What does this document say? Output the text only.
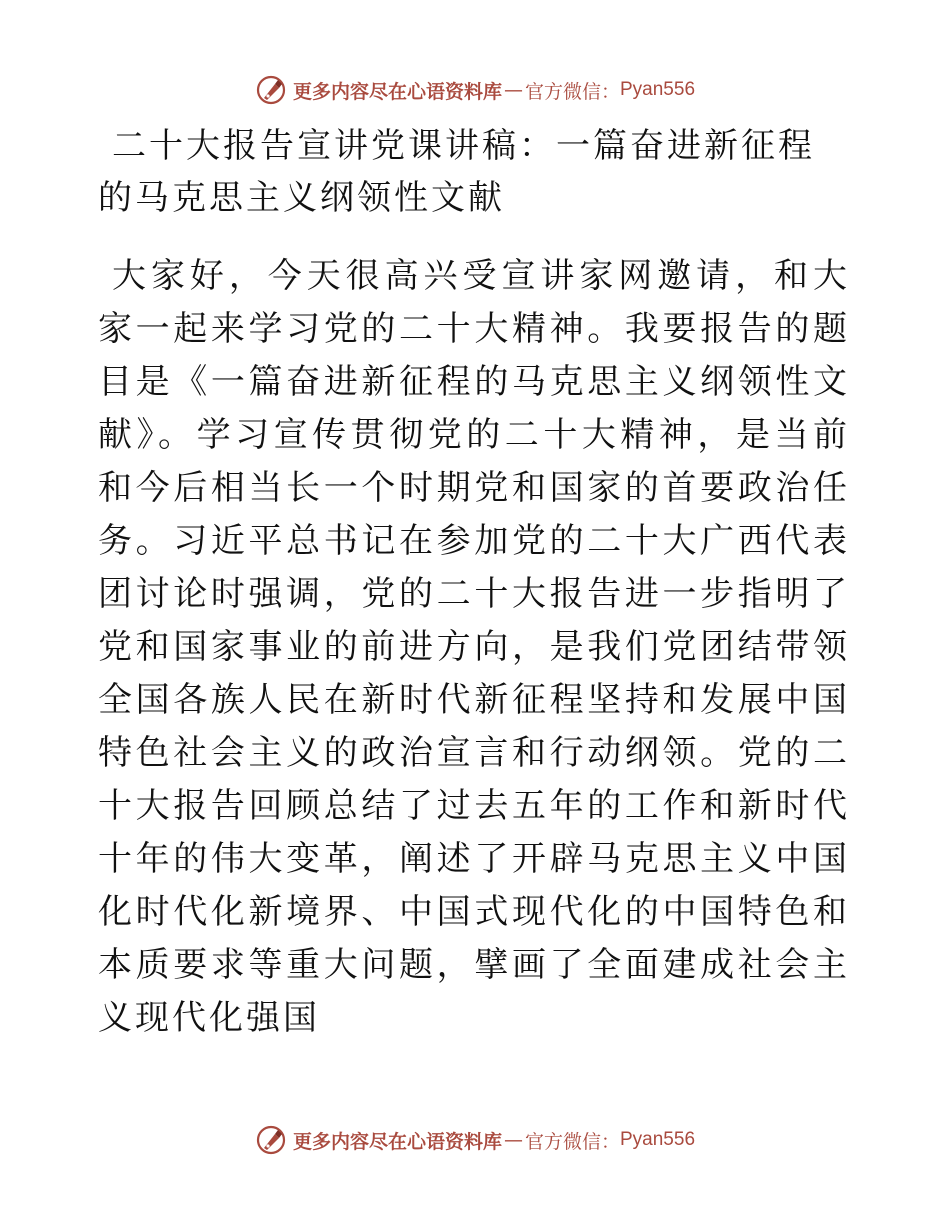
更多内容尽在心语资料库 — 官方微信： Pyan556
二十大报告宣讲党课讲稿：一篇奋进新征程的马克思主义纲领性文献

大家好，今天很高兴受宣讲家网邀请，和大家一起来学习党的二十大精神。我要报告的题目是《一篇奋进新征程的马克思主义纲领性文献》。学习宣传贯彻党的二十大精神，是当前和今后相当长一个时期党和国家的首要政治任务。习近平总书记在参加党的二十大广西代表团讨论时强调，党的二十大报告进一步指明了党和国家事业的前进方向，是我们党团结带领全国各族人民在新时代新征程坚持和发展中国特色社会主义的政治宣言和行动纲领。党的二十大报告回顾总结了过去五年的工作和新时代十年的伟大变革，阐述了开辟马克思主义中国化时代化新境界、中国式现代化的中国特色和本质要求等重大问题，擘画了全面建成社会主义现代化强国

更多内容尽在心语资料库 — 官方微信： Pyan556
